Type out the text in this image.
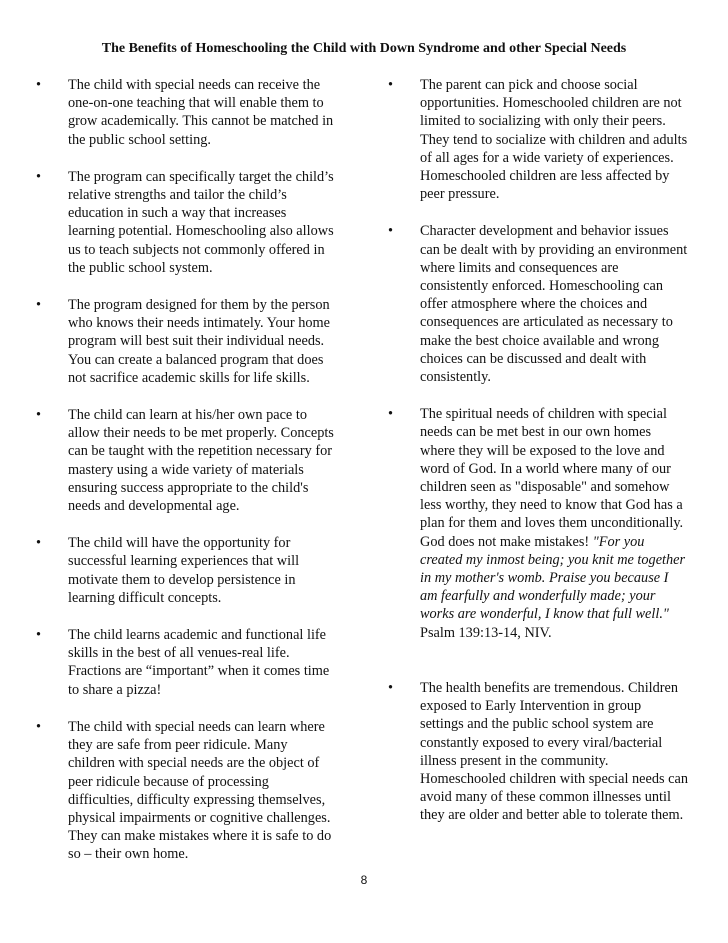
The Benefits of Homeschooling the Child with Down Syndrome and other Special Needs
•	The child with special needs can receive the one-on-one teaching that will enable them to grow academically. This cannot be matched in the public school setting.
•	The program can specifically target the child’s relative strengths and tailor the child’s education in such a way that increases learning potential. Homeschooling also allows us to teach subjects not commonly offered in the public school system.
•	The program designed for them by the person who knows their needs intimately. Your home program will best suit their individual needs. You can create a balanced program that does not sacrifice academic skills for life skills.
•	The child can learn at his/her own pace to allow their needs to be met properly. Concepts can be taught with the repetition necessary for mastery using a wide variety of materials ensuring success appropriate to the child's needs and developmental age.
•	The child will have the opportunity for successful learning experiences that will motivate them to develop persistence in learning difficult concepts.
•	The child learns academic and functional life skills in the best of all venues-real life. Fractions are “important” when it comes time to share a pizza!
•	The child with special needs can learn where they are safe from peer ridicule. Many children with special needs are the object of peer ridicule because of processing difficulties, difficulty expressing themselves, physical impairments or cognitive challenges. They can make mistakes where it is safe to do so – their own home.
•	The parent can pick and choose social opportunities. Homeschooled children are not limited to socializing with only their peers. They tend to socialize with children and adults of all ages for a wide variety of experiences. Homeschooled children are less affected by peer pressure.
•	Character development and behavior issues can be dealt with by providing an environment where limits and consequences are consistently enforced. Homeschooling can offer atmosphere where the choices and consequences are articulated as necessary to make the best choice available and wrong choices can be discussed and dealt with consistently.
•	The spiritual needs of children with special needs can be met best in our own homes where they will be exposed to the love and word of God. In a world where many of our children seen as "disposable" and somehow less worthy, they need to know that God has a plan for them and loves them unconditionally. God does not make mistakes! "For you created my inmost being; you knit me together in my mother's womb. Praise you because I am fearfully and wonderfully made; your works are wonderful, I know that full well." Psalm 139:13-14, NIV.
•	The health benefits are tremendous. Children exposed to Early Intervention in group settings and the public school system are constantly exposed to every viral/bacterial illness present in the community. Homeschooled children with special needs can avoid many of these common illnesses until they are older and better able to tolerate them.
8
